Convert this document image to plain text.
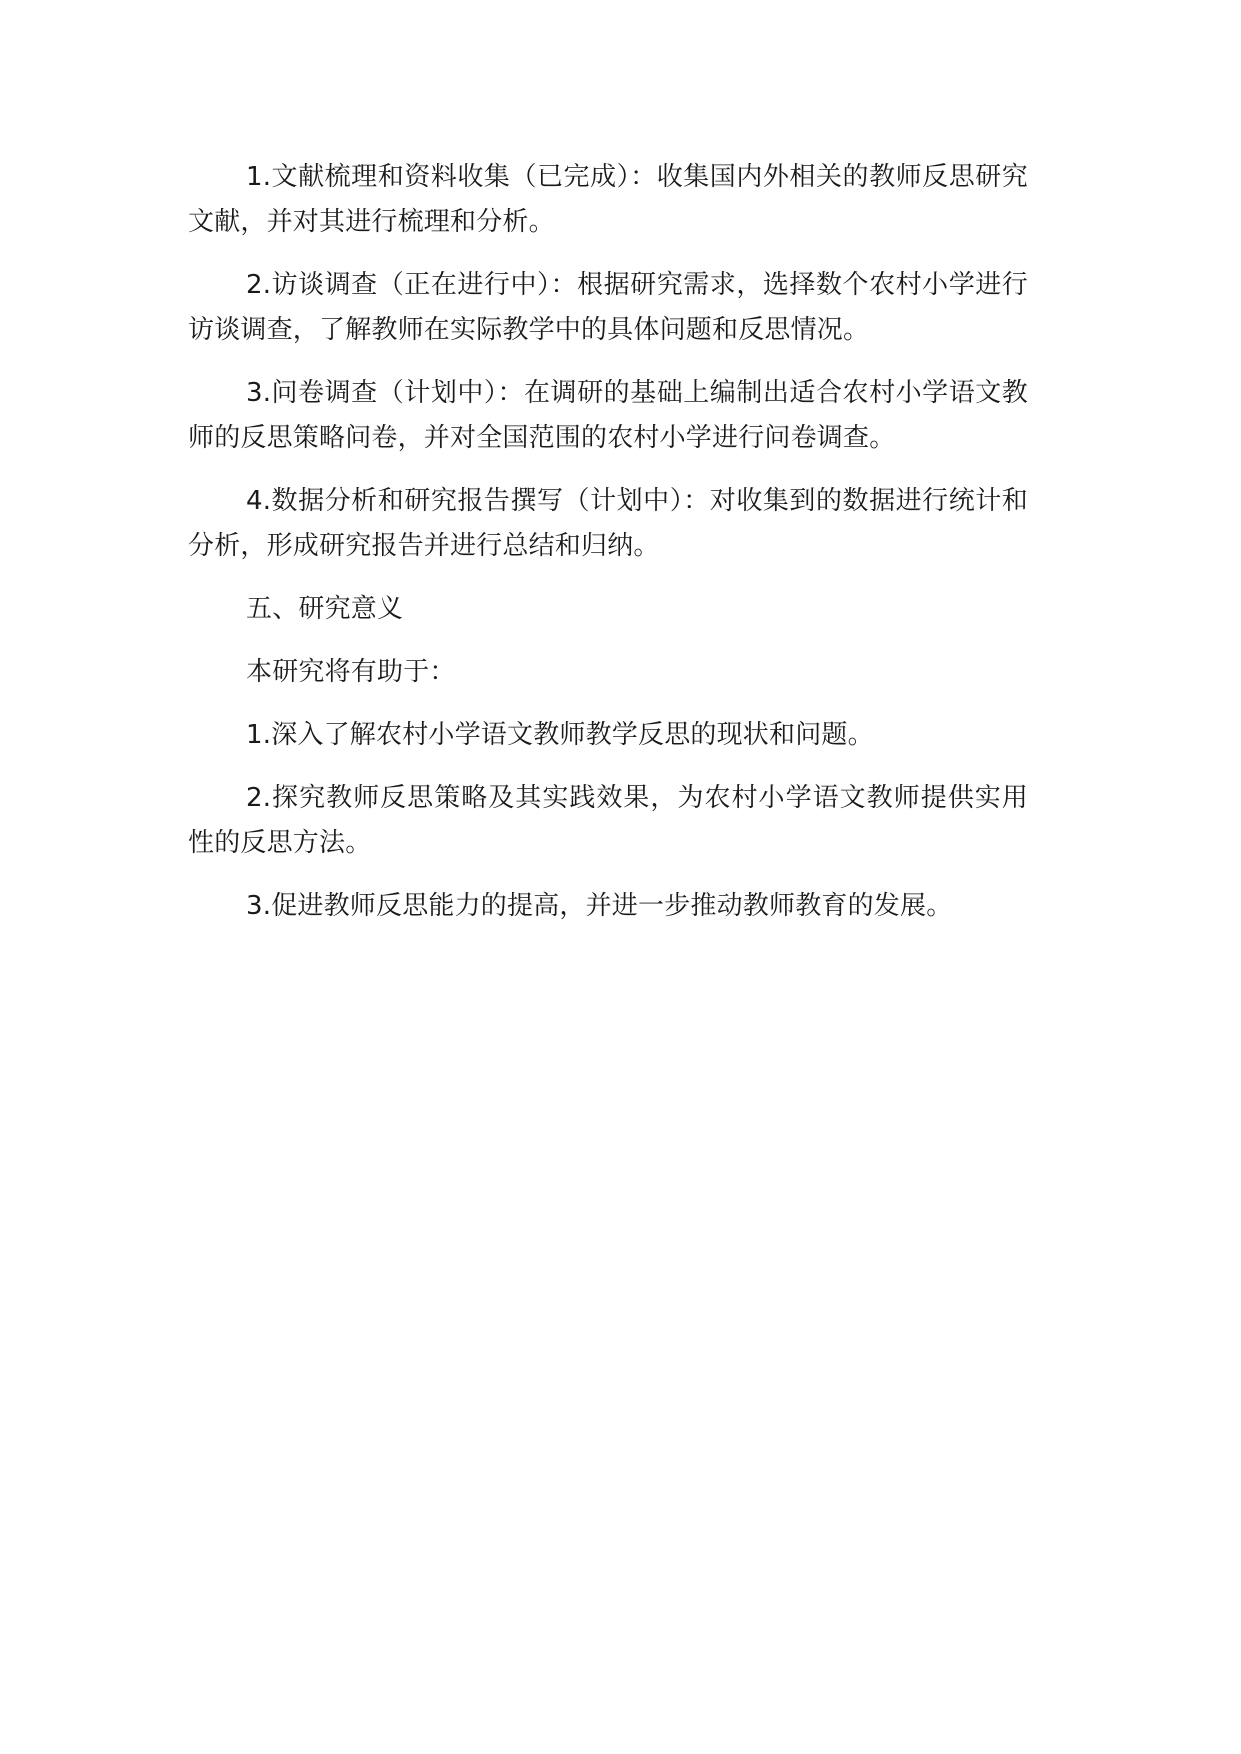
1.文献梳理和资料收集（已完成）：收集国内外相关的教师反思研究文献，并对其进行梳理和分析。

2.访谈调查（正在进行中）：根据研究需求，选择数个农村小学进行访谈调查，了解教师在实际教学中的具体问题和反思情况。

3.问卷调查（计划中）：在调研的基础上编制出适合农村小学语文教师的反思策略问卷，并对全国范围的农村小学进行问卷调查。

4.数据分析和研究报告撰写（计划中）：对收集到的数据进行统计和分析，形成研究报告并进行总结和归纳。

五、研究意义

本研究将有助于：

1.深入了解农村小学语文教师教学反思的现状和问题。

2.探究教师反思策略及其实践效果，为农村小学语文教师提供实用性的反思方法。

3.促进教师反思能力的提高，并进一步推动教师教育的发展。
